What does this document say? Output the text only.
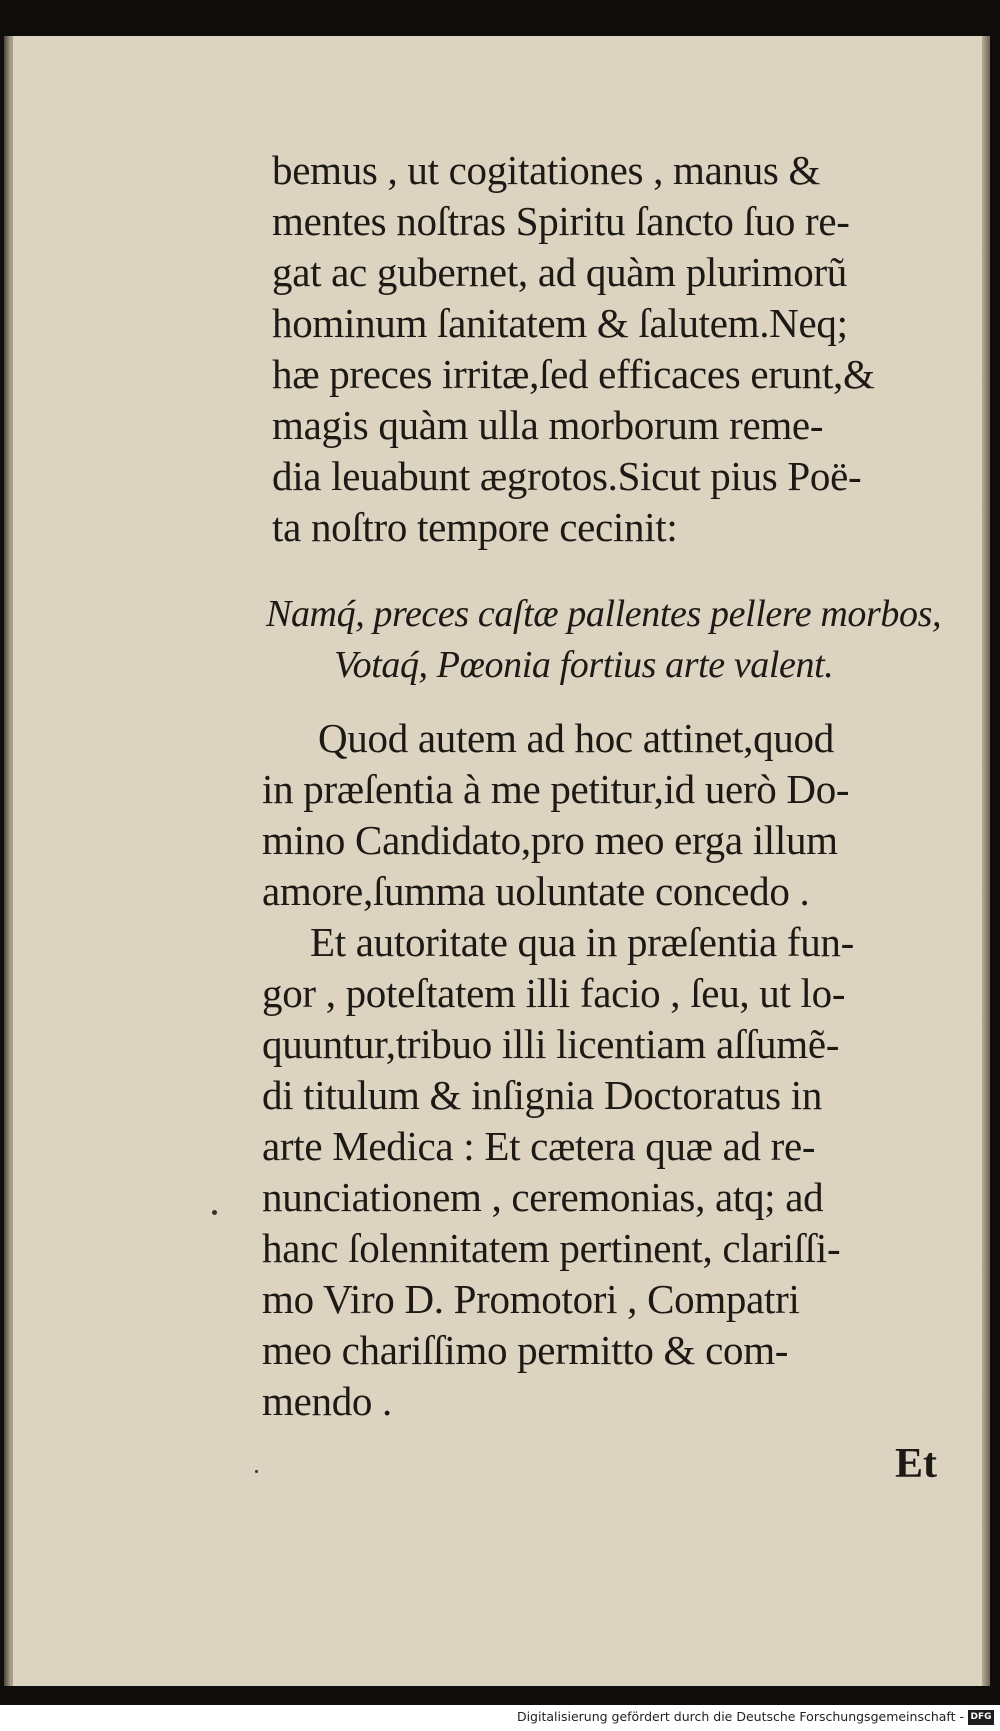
bemus , ut cogitationes , manus &
mentes noſtras Spiritu ſancto ſuo re-
gat ac gubernet, ad quàm plurimorũ
hominum ſanitatem & ſalutem.Neq;
hæ preces irritæ,ſed efficaces erunt,&
magis quàm ulla morborum reme-
dia leuabunt ægrotos.Sicut pius Poë-
ta noſtro tempore cecinit:
Namq́, preces caſtæ pallentes pellere morbos,
Votaq́, Pœonia fortius arte valent.
Quod autem ad hoc attinet,quod
in præſentia à me petitur,id uerò Do-
mino Candidato,pro meo erga illum
amore,ſumma uoluntate concedo .
Et autoritate qua in præſentia fun-
gor , poteſtatem illi facio , ſeu, ut lo-
quuntur,tribuo illi licentiam aſſumẽ-
di titulum & inſignia Doctoratus in
arte Medica : Et cætera quæ ad re-
nunciationem , ceremonias, atq; ad
hanc ſolennitatem pertinent, clariſſi-
mo Viro D. Promotori , Compatri
meo chariſſimo permitto & com-
mendo .
Et
Digitalisierung gefördert durch die Deutsche Forschungsgemeinschaft - DFG
